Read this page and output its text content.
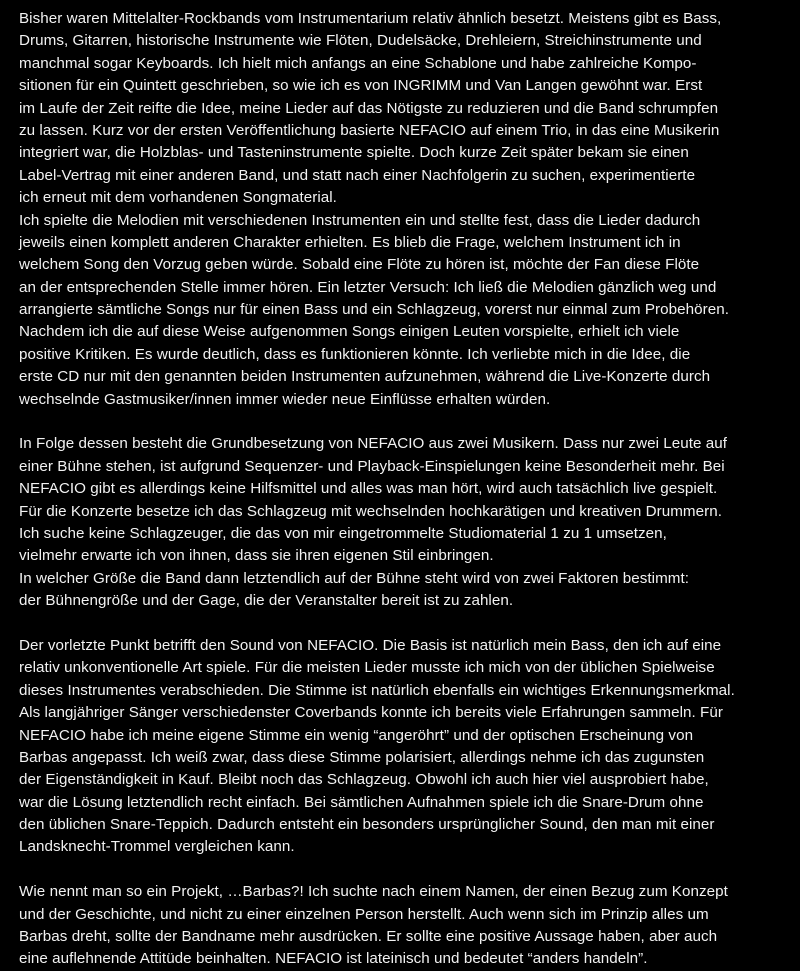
Bisher waren Mittelalter-Rockbands vom Instrumentarium relativ ähnlich besetzt. Meistens gibt es Bass,
Drums, Gitarren, historische Instrumente wie Flöten, Dudelsäcke, Drehleiern, Streichinstrumente und
manchmal sogar Keyboards. Ich hielt mich anfangs an eine Schablone und habe zahlreiche Kompo-
sitionen für ein Quintett geschrieben, so wie ich es von INGRIMM und Van Langen gewöhnt war. Erst
im Laufe der Zeit reifte die Idee, meine Lieder auf das Nötigste zu reduzieren und die Band schrumpfen
zu lassen. Kurz vor der ersten Veröffentlichung basierte NEFACIO auf einem Trio, in das eine Musikerin
integriert war, die Holzblas- und Tasteninstrumente spielte. Doch kurze Zeit später bekam sie einen
Label-Vertrag mit einer anderen Band, und statt nach einer Nachfolgerin zu suchen, experimentierte
ich erneut mit dem vorhandenen Songmaterial.
Ich spielte die Melodien mit verschiedenen Instrumenten ein und stellte fest, dass die Lieder dadurch
jeweils einen komplett anderen Charakter erhielten. Es blieb die Frage, welchem Instrument ich in
welchem Song den Vorzug geben würde. Sobald eine Flöte zu hören ist, möchte der Fan diese Flöte
an der entsprechenden Stelle immer hören. Ein letzter Versuch: Ich ließ die Melodien gänzlich weg und
arrangierte sämtliche Songs nur für einen Bass und ein Schlagzeug, vorerst nur einmal zum Probehören.
Nachdem ich die auf diese Weise aufgenommen Songs einigen Leuten vorspielte, erhielt ich viele
positive Kritiken. Es wurde deutlich, dass es funktionieren könnte. Ich verliebte mich in die Idee, die
erste CD nur mit den genannten beiden Instrumenten aufzunehmen, während die Live-Konzerte durch
wechselnde Gastmusiker/innen immer wieder neue Einflüsse erhalten würden.
In Folge dessen besteht die Grundbesetzung von NEFACIO aus zwei Musikern. Dass nur zwei Leute auf
einer Bühne stehen, ist aufgrund Sequenzer- und Playback-Einspielungen keine Besonderheit mehr. Bei
NEFACIO gibt es allerdings keine Hilfsmittel und alles was man hört, wird auch tatsächlich live gespielt.
Für die Konzerte besetze ich das Schlagzeug mit wechselnden hochkarätigen und kreativen Drummern.
Ich suche keine Schlagzeuger, die das von mir eingetrommelte Studiomaterial 1 zu 1 umsetzen,
vielmehr erwarte ich von ihnen, dass sie ihren eigenen Stil einbringen.
In welcher Größe die Band dann letztendlich auf der Bühne steht wird von zwei Faktoren bestimmt:
der Bühnengröße und der Gage, die der Veranstalter bereit ist zu zahlen.
Der vorletzte Punkt betrifft den Sound von NEFACIO. Die Basis ist natürlich mein Bass, den ich auf eine
relativ unkonventionelle Art spiele. Für die meisten Lieder musste ich mich von der üblichen Spielweise
dieses Instrumentes verabschieden. Die Stimme ist natürlich ebenfalls ein wichtiges Erkennungsmerkmal.
Als langjähriger Sänger verschiedenster Coverbands konnte ich bereits viele Erfahrungen sammeln. Für
NEFACIO habe ich meine eigene Stimme ein wenig “angeröhrt” und der optischen Erscheinung von
Barbas angepasst. Ich weiß zwar, dass diese Stimme polarisiert, allerdings nehme ich das zugunsten
der Eigenständigkeit in Kauf. Bleibt noch das Schlagzeug. Obwohl ich auch hier viel ausprobiert habe,
war die Lösung letztendlich recht einfach. Bei sämtlichen Aufnahmen spiele ich die Snare-Drum ohne
den üblichen Snare-Teppich. Dadurch entsteht ein besonders ursprünglicher Sound, den man mit einer
Landsknecht-Trommel vergleichen kann.
Wie nennt man so ein Projekt, …Barbas?! Ich suchte nach einem Namen, der einen Bezug zum Konzept
und der Geschichte, und nicht zu einer einzelnen Person herstellt. Auch wenn sich im Prinzip alles um
Barbas dreht, sollte der Bandname mehr ausdrücken. Er sollte eine positive Aussage haben, aber auch
eine auflehnende Attitüde beinhalten. NEFACIO ist lateinisch und bedeutet “anders handeln”.
